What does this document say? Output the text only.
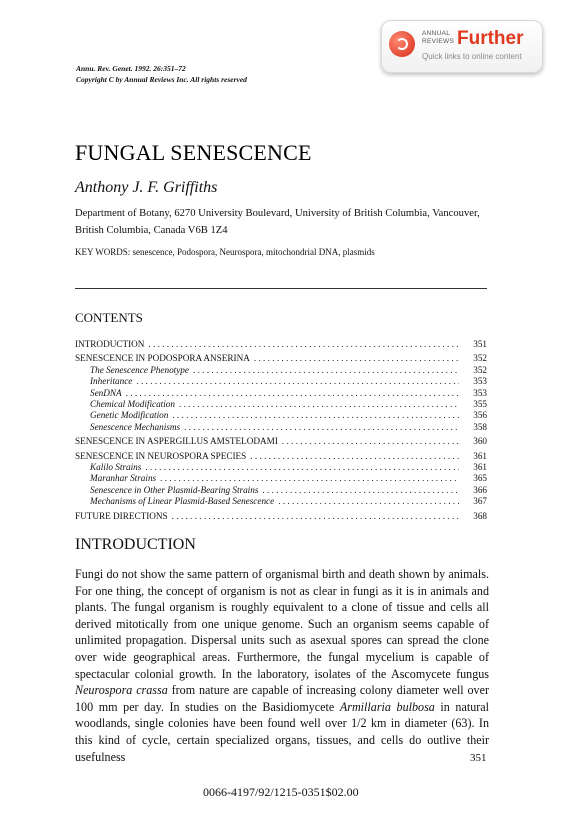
ANNUAL
REVIEWS Further
Quick links to online content
Annu. Rev. Genet. 1992. 26:351–72
Copyright C by Annual Reviews Inc. All rights reserved
FUNGAL SENESCENCE
Anthony J. F. Griffiths
Department of Botany, 6270 University Boulevard, University of British Columbia, Vancouver, British Columbia, Canada V6B 1Z4
KEY WORDS: senescence, Podospora, Neurospora, mitochondrial DNA, plasmids
CONTENTS
INTRODUCTION . . .	351
SENESCENCE IN PODOSPORA ANSERINA . . .	352
The Senescence Phenotype . . .	352
Inheritance . . .	353
SenDNA . . .	353
Chemical Modification . . .	355
Genetic Modification . . .	356
Senescence Mechanisms . . .	358
SENESCENCE IN ASPERGILLUS AMSTELODAMI . . .	360
SENESCENCE IN NEUROSPORA SPECIES . . .	361
Kalilo Strains . . .	361
Maranhar Strains . . .	365
Senescence in Other Plasmid-Bearing Strains . . .	366
Mechanisms of Linear Plasmid-Based Senescence . . .	367
FUTURE DIRECTIONS . . .	368
INTRODUCTION
Fungi do not show the same pattern of organismal birth and death shown by animals. For one thing, the concept of organism is not as clear in fungi as it is in animals and plants. The fungal organism is roughly equivalent to a clone of tissue and cells all derived mitotically from one unique genome. Such an organism seems capable of unlimited propagation. Dispersal units such as asexual spores can spread the clone over wide geographical areas. Furthermore, the fungal mycelium is capable of spectacular colonial growth. In the laboratory, isolates of the Ascomycete fungus Neurospora crassa from nature are capable of increasing colony diameter well over 100 mm per day. In studies on the Basidiomycete Armillaria bulbosa in natural woodlands, single colonies have been found well over 1/2 km in diameter (63). In this kind of cycle, certain specialized organs, tissues, and cells do outlive their usefulness	351
0066-4197/92/1215-0351$02.00
